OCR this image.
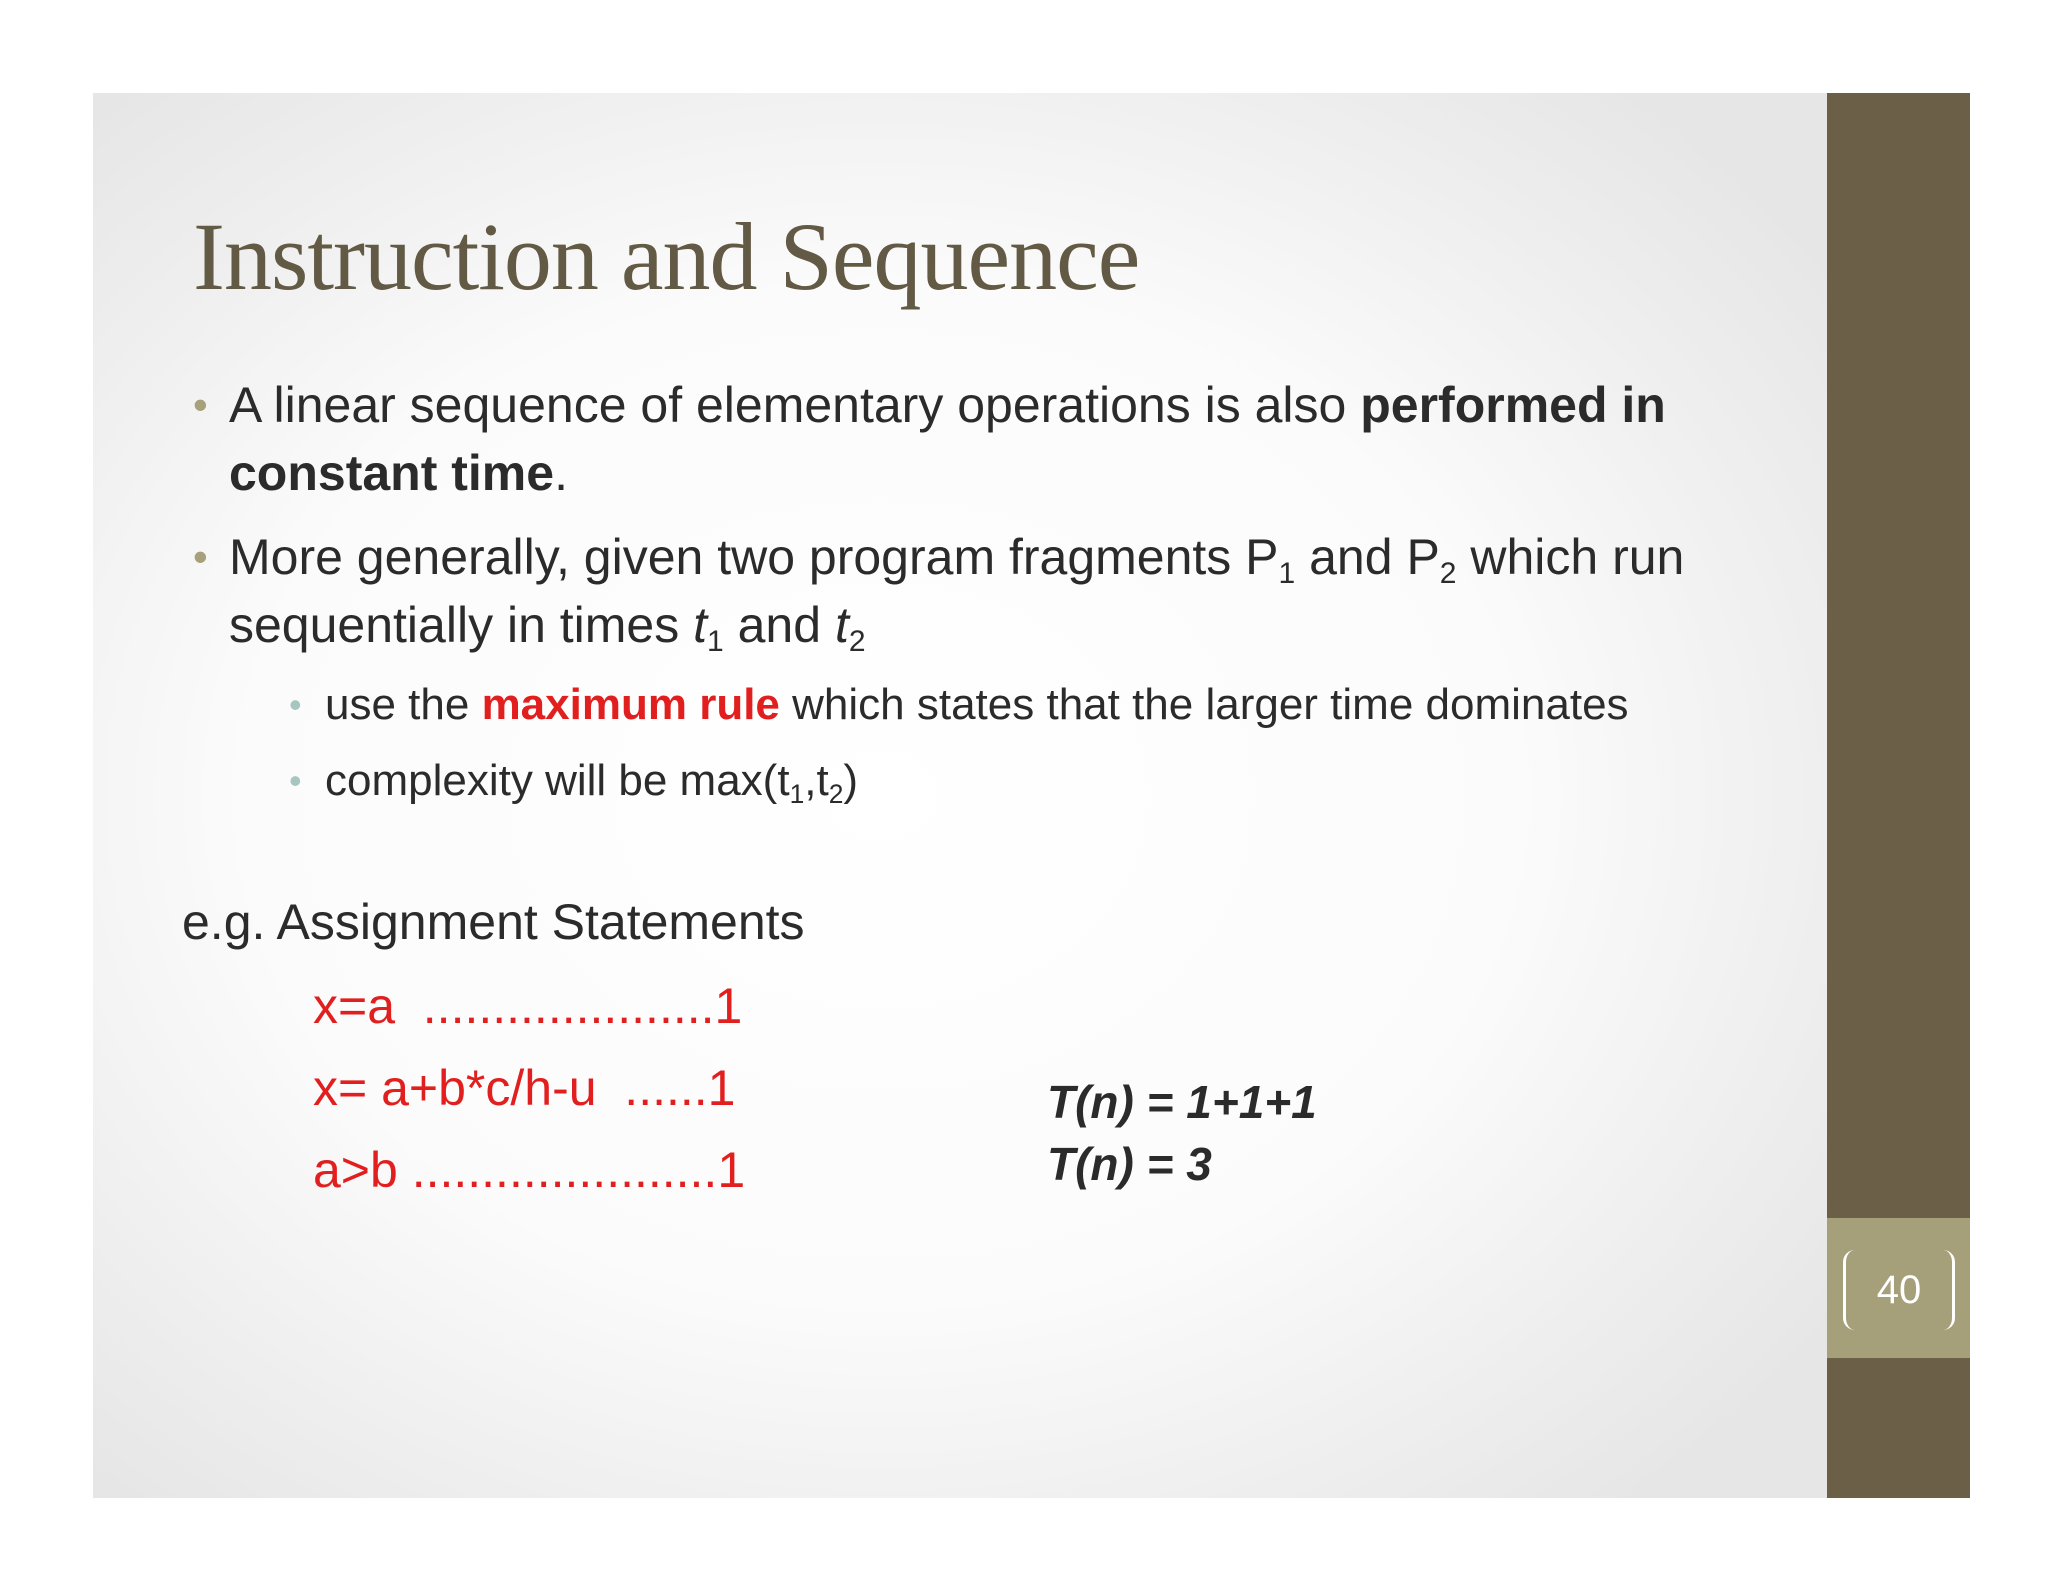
Instruction and Sequence
• A linear sequence of elementary operations is also performed in constant time.
• More generally, given two program fragments $P_1$ and $P_2$ which run sequentially in times $t_1$ and $t_2$
• use the maximum rule which states that the larger time dominates
• complexity will be $\max(t_1,t_2)$
e.g. Assignment Statements
x=a  .....................1
x= a+b*c/h-u  ......1
a>b ......................1
T(n) = 1+1+1
T(n) = 3
40
